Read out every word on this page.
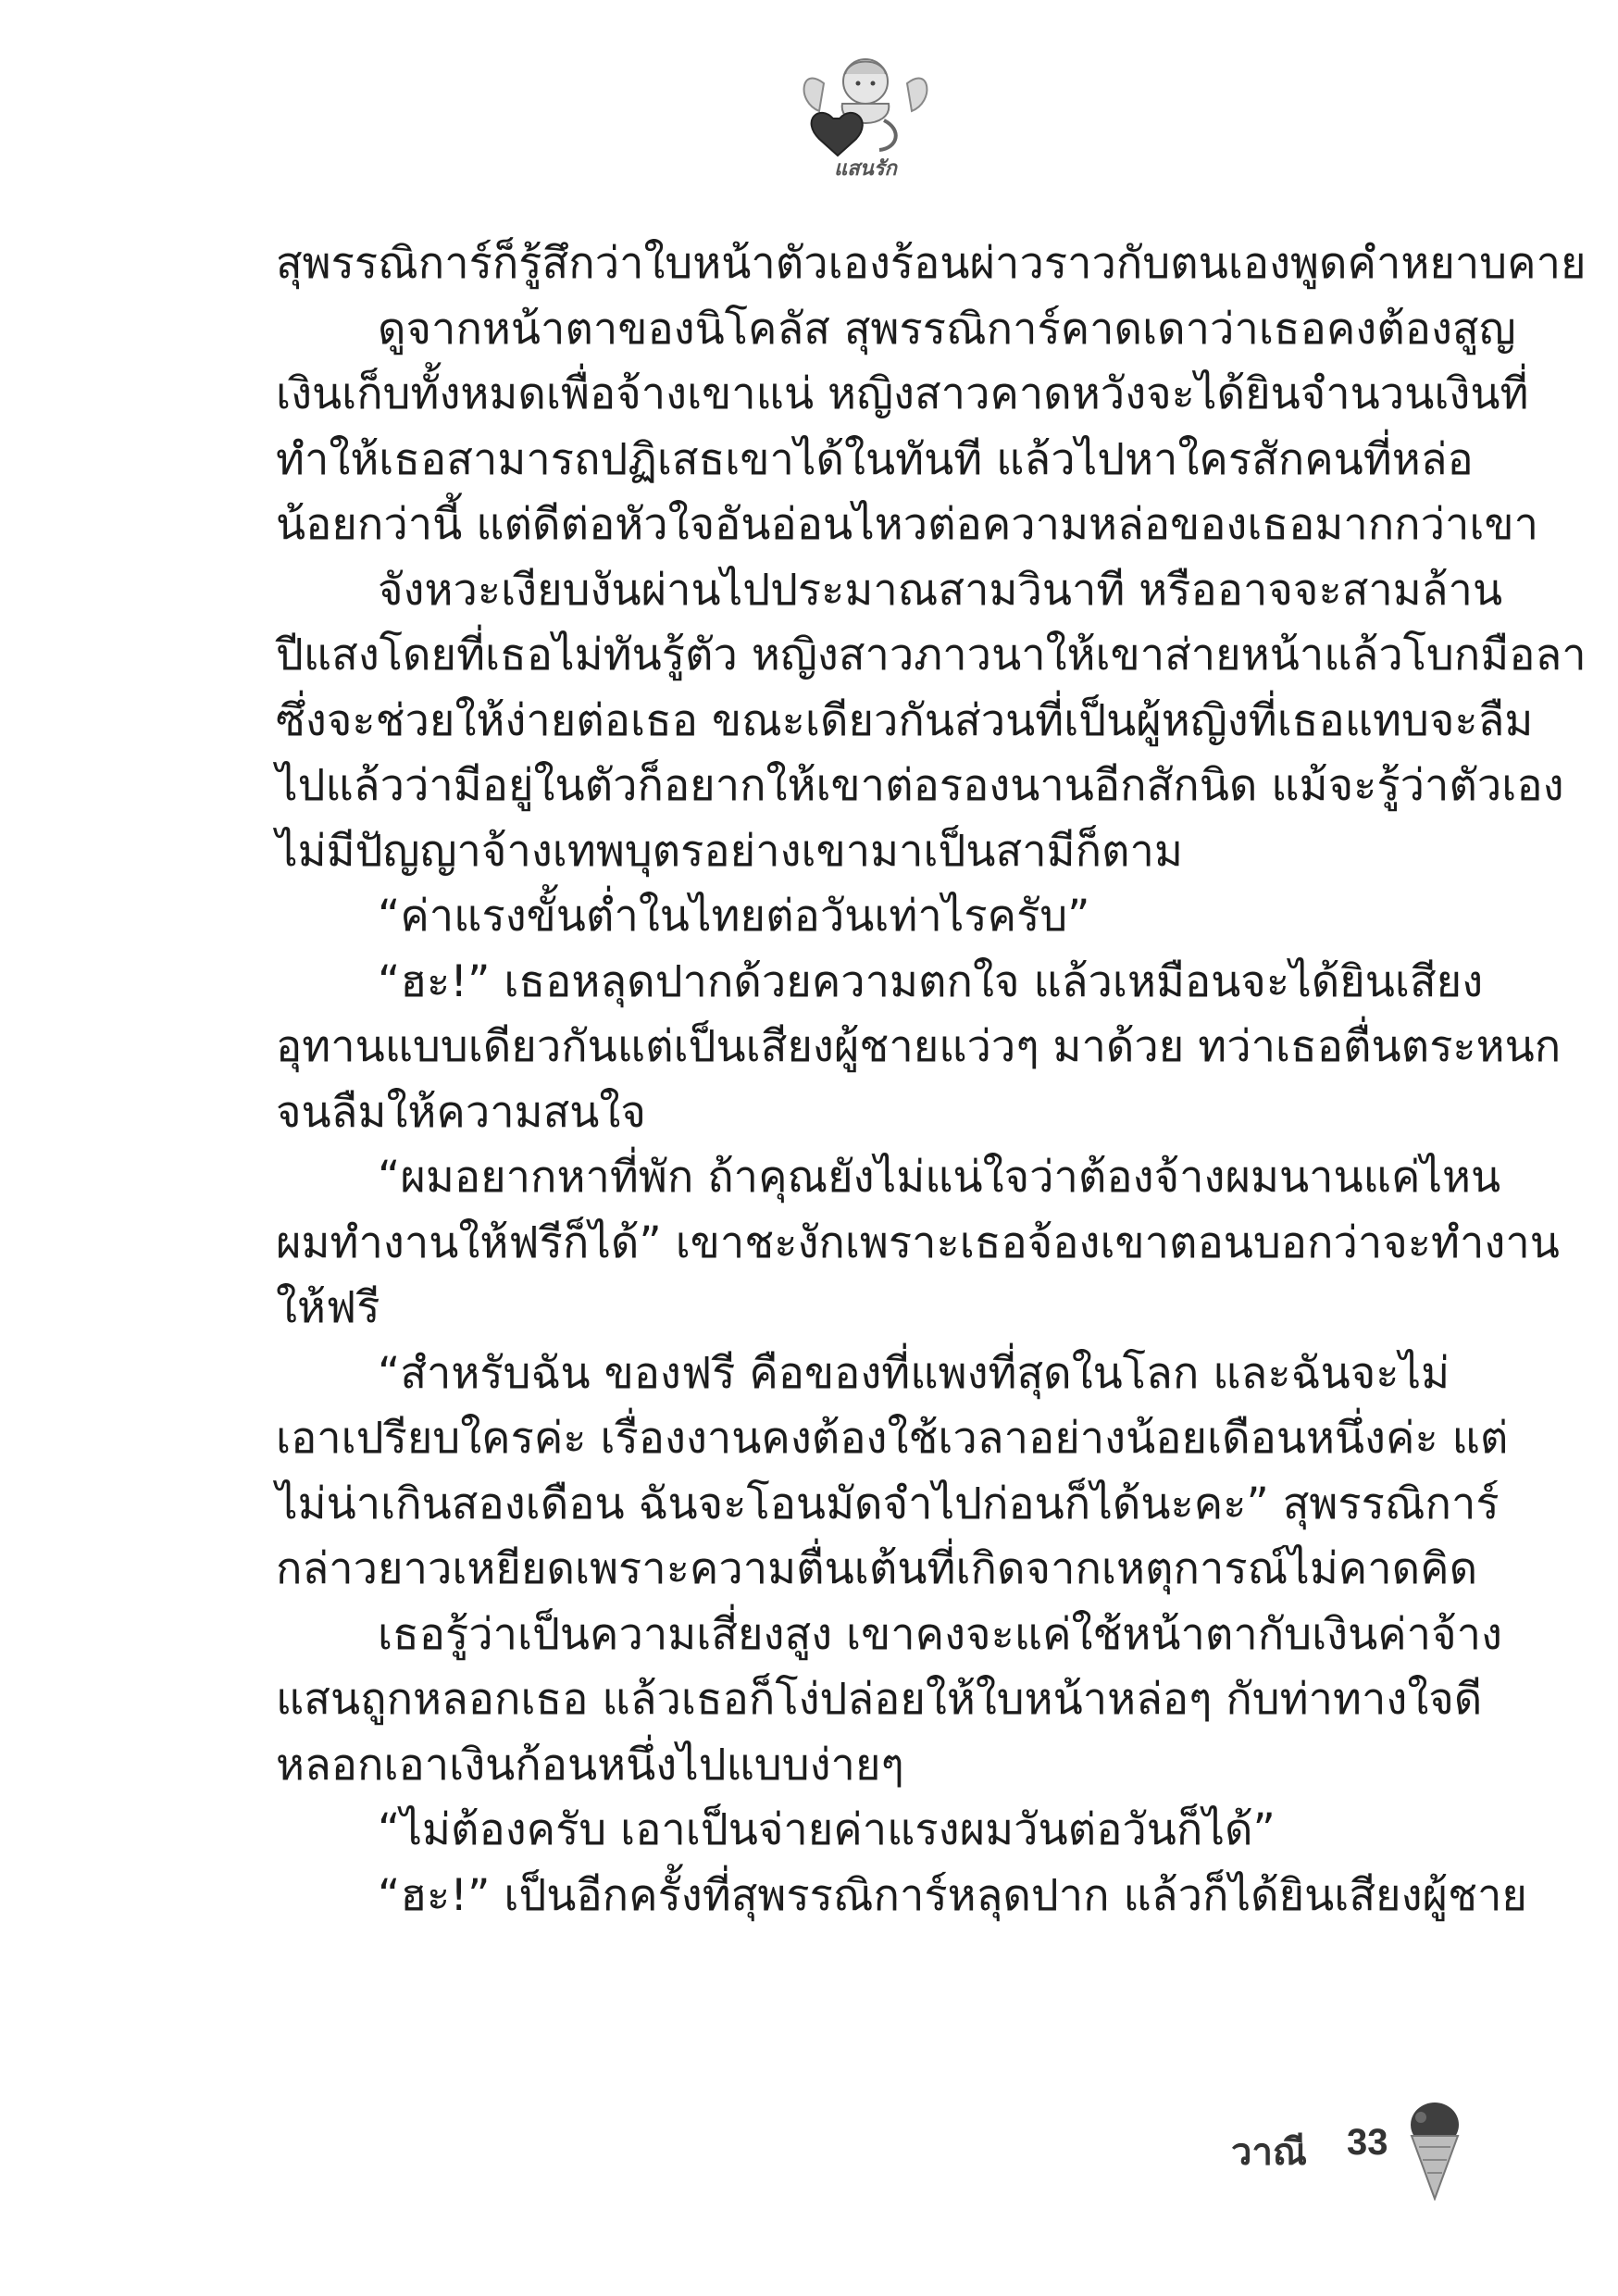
แสนรัก
สุพรรณิการ์ก็รู้สึกว่าใบหน้าตัวเองร้อนผ่าวราวกับตนเองพูดคำหยาบคาย
ดูจากหน้าตาของนิโคลัส สุพรรณิการ์คาดเดาว่าเธอคงต้องสูญ
เงินเก็บทั้งหมดเพื่อจ้างเขาแน่ หญิงสาวคาดหวังจะได้ยินจำนวนเงินที่
ทำให้เธอสามารถปฏิเสธเขาได้ในทันที แล้วไปหาใครสักคนที่หล่อ
น้อยกว่านี้ แต่ดีต่อหัวใจอันอ่อนไหวต่อความหล่อของเธอมากกว่าเขา
จังหวะเงียบงันผ่านไปประมาณสามวินาที หรืออาจจะสามล้าน
ปีแสงโดยที่เธอไม่ทันรู้ตัว หญิงสาวภาวนาให้เขาส่ายหน้าแล้วโบกมือลา
ซึ่งจะช่วยให้ง่ายต่อเธอ ขณะเดียวกันส่วนที่เป็นผู้หญิงที่เธอแทบจะลืม
ไปแล้วว่ามีอยู่ในตัวก็อยากให้เขาต่อรองนานอีกสักนิด แม้จะรู้ว่าตัวเอง
ไม่มีปัญญาจ้างเทพบุตรอย่างเขามาเป็นสามีก็ตาม
“ค่าแรงขั้นต่ำในไทยต่อวันเท่าไรครับ”
“ฮะ!” เธอหลุดปากด้วยความตกใจ แล้วเหมือนจะได้ยินเสียง
อุทานแบบเดียวกันแต่เป็นเสียงผู้ชายแว่วๆ มาด้วย ทว่าเธอตื่นตระหนก
จนลืมให้ความสนใจ
“ผมอยากหาที่พัก ถ้าคุณยังไม่แน่ใจว่าต้องจ้างผมนานแค่ไหน
ผมทำงานให้ฟรีก็ได้” เขาชะงักเพราะเธอจ้องเขาตอนบอกว่าจะทำงาน
ให้ฟรี
“สำหรับฉัน ของฟรี คือของที่แพงที่สุดในโลก และฉันจะไม่
เอาเปรียบใครค่ะ เรื่องงานคงต้องใช้เวลาอย่างน้อยเดือนหนึ่งค่ะ แต่
ไม่น่าเกินสองเดือน ฉันจะโอนมัดจำไปก่อนก็ได้นะคะ” สุพรรณิการ์
กล่าวยาวเหยียดเพราะความตื่นเต้นที่เกิดจากเหตุการณ์ไม่คาดคิด
เธอรู้ว่าเป็นความเสี่ยงสูง เขาคงจะแค่ใช้หน้าตากับเงินค่าจ้าง
แสนถูกหลอกเธอ แล้วเธอก็โง่ปล่อยให้ใบหน้าหล่อๆ กับท่าทางใจดี
หลอกเอาเงินก้อนหนึ่งไปแบบง่ายๆ
“ไม่ต้องครับ เอาเป็นจ่ายค่าแรงผมวันต่อวันก็ได้”
“ฮะ!” เป็นอีกครั้งที่สุพรรณิการ์หลุดปาก แล้วก็ได้ยินเสียงผู้ชาย
วาณี 33
